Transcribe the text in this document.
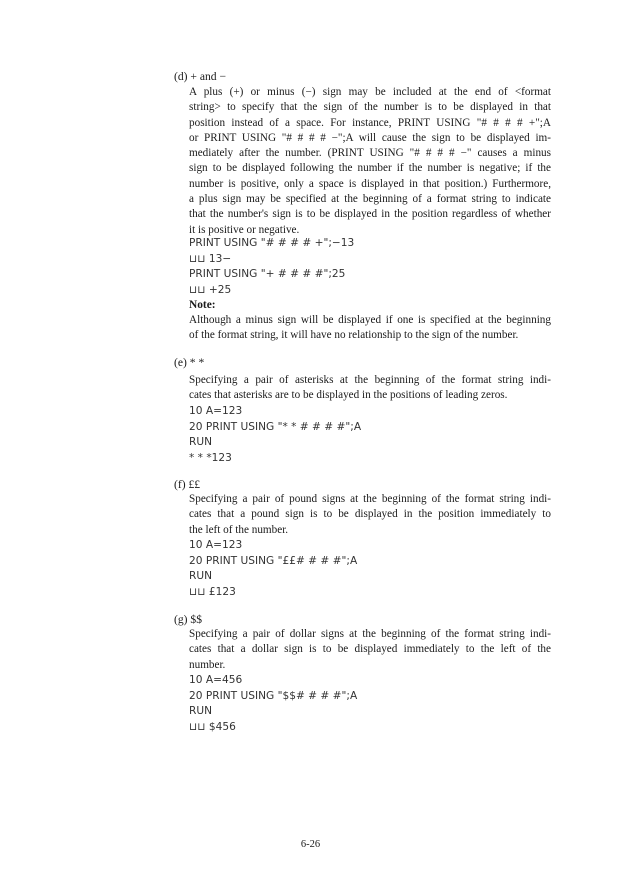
(d) + and −
A plus (+) or minus (−) sign may be included at the end of <format
string> to specify that the sign of the number is to be displayed in that
position instead of a space. For instance, PRINT USING "# # # # +";A
or PRINT USING "# # # # −";A will cause the sign to be displayed im-
mediately after the number. (PRINT USING "# # # # −" causes a minus
sign to be displayed following the number if the number is negative; if the
number is positive, only a space is displayed in that position.) Furthermore,
a plus sign may be specified at the beginning of a format string to indicate
that the number's sign is to be displayed in the position regardless of whether
it is positive or negative.
PRINT USING "# # # # +";−13
⊔⊔ 13−
PRINT USING "+ # # # #";25
⊔⊔ +25
Note:
Although a minus sign will be displayed if one is specified at the beginning
of the format string, it will have no relationship to the sign of the number.
(e) * *
Specifying a pair of asterisks at the beginning of the format string indi-
cates that asterisks are to be displayed in the positions of leading zeros.
10 A=123
20 PRINT USING "* * # # # #";A
RUN
* * *123
(f) ££
Specifying a pair of pound signs at the beginning of the format string indi-
cates that a pound sign is to be displayed in the position immediately to
the left of the number.
10 A=123
20 PRINT USING "££# # # #";A
RUN
⊔⊔ £123
(g) $$
Specifying a pair of dollar signs at the beginning of the format string indi-
cates that a dollar sign is to be displayed immediately to the left of the
number.
10 A=456
20 PRINT USING "$$# # # #";A
RUN
⊔⊔ $456
6-26
